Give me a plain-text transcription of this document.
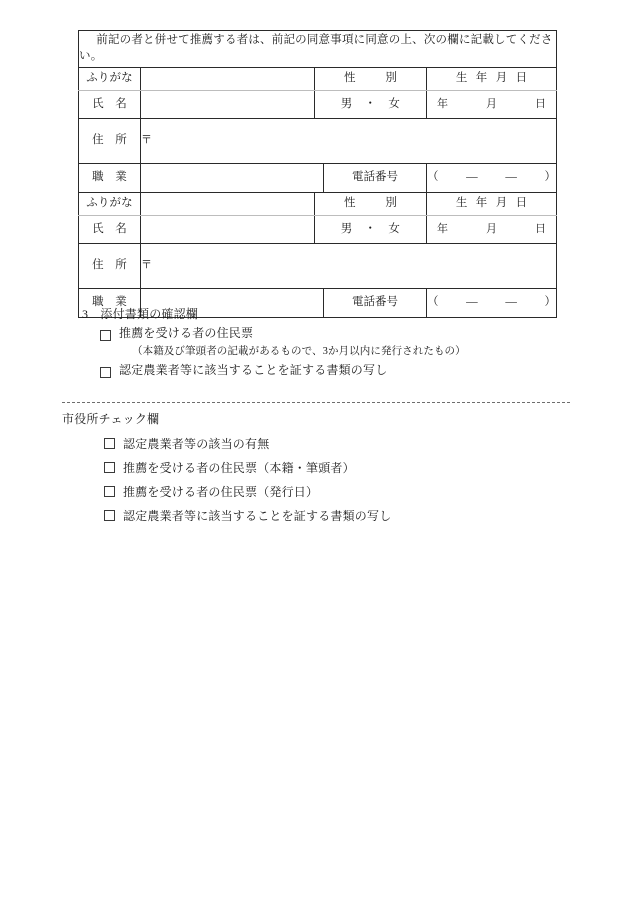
前記の者と併せて推薦する者は、前記の同意事項に同意の上、次の欄に記載してくださ
い。				

ふりがな		性　別		生年月日
氏　名		男　・　女		年　　月　　日

住　所	〒			
職　業			電話番号	（ ― ― ）

ふりがな		性　別		生年月日
氏　名		男　・　女		年　　月　　日

住　所	〒			
職　業			電話番号	（ ― ― ）
3　添付書類の確認欄
推薦を受ける者の住民票
（本籍及び筆頭者の記載があるもので、3か月以内に発行されたもの）
認定農業者等に該当することを証する書類の写し
市役所チェック欄
認定農業者等の該当の有無
推薦を受ける者の住民票（本籍・筆頭者）
推薦を受ける者の住民票（発行日）
認定農業者等に該当することを証する書類の写し
